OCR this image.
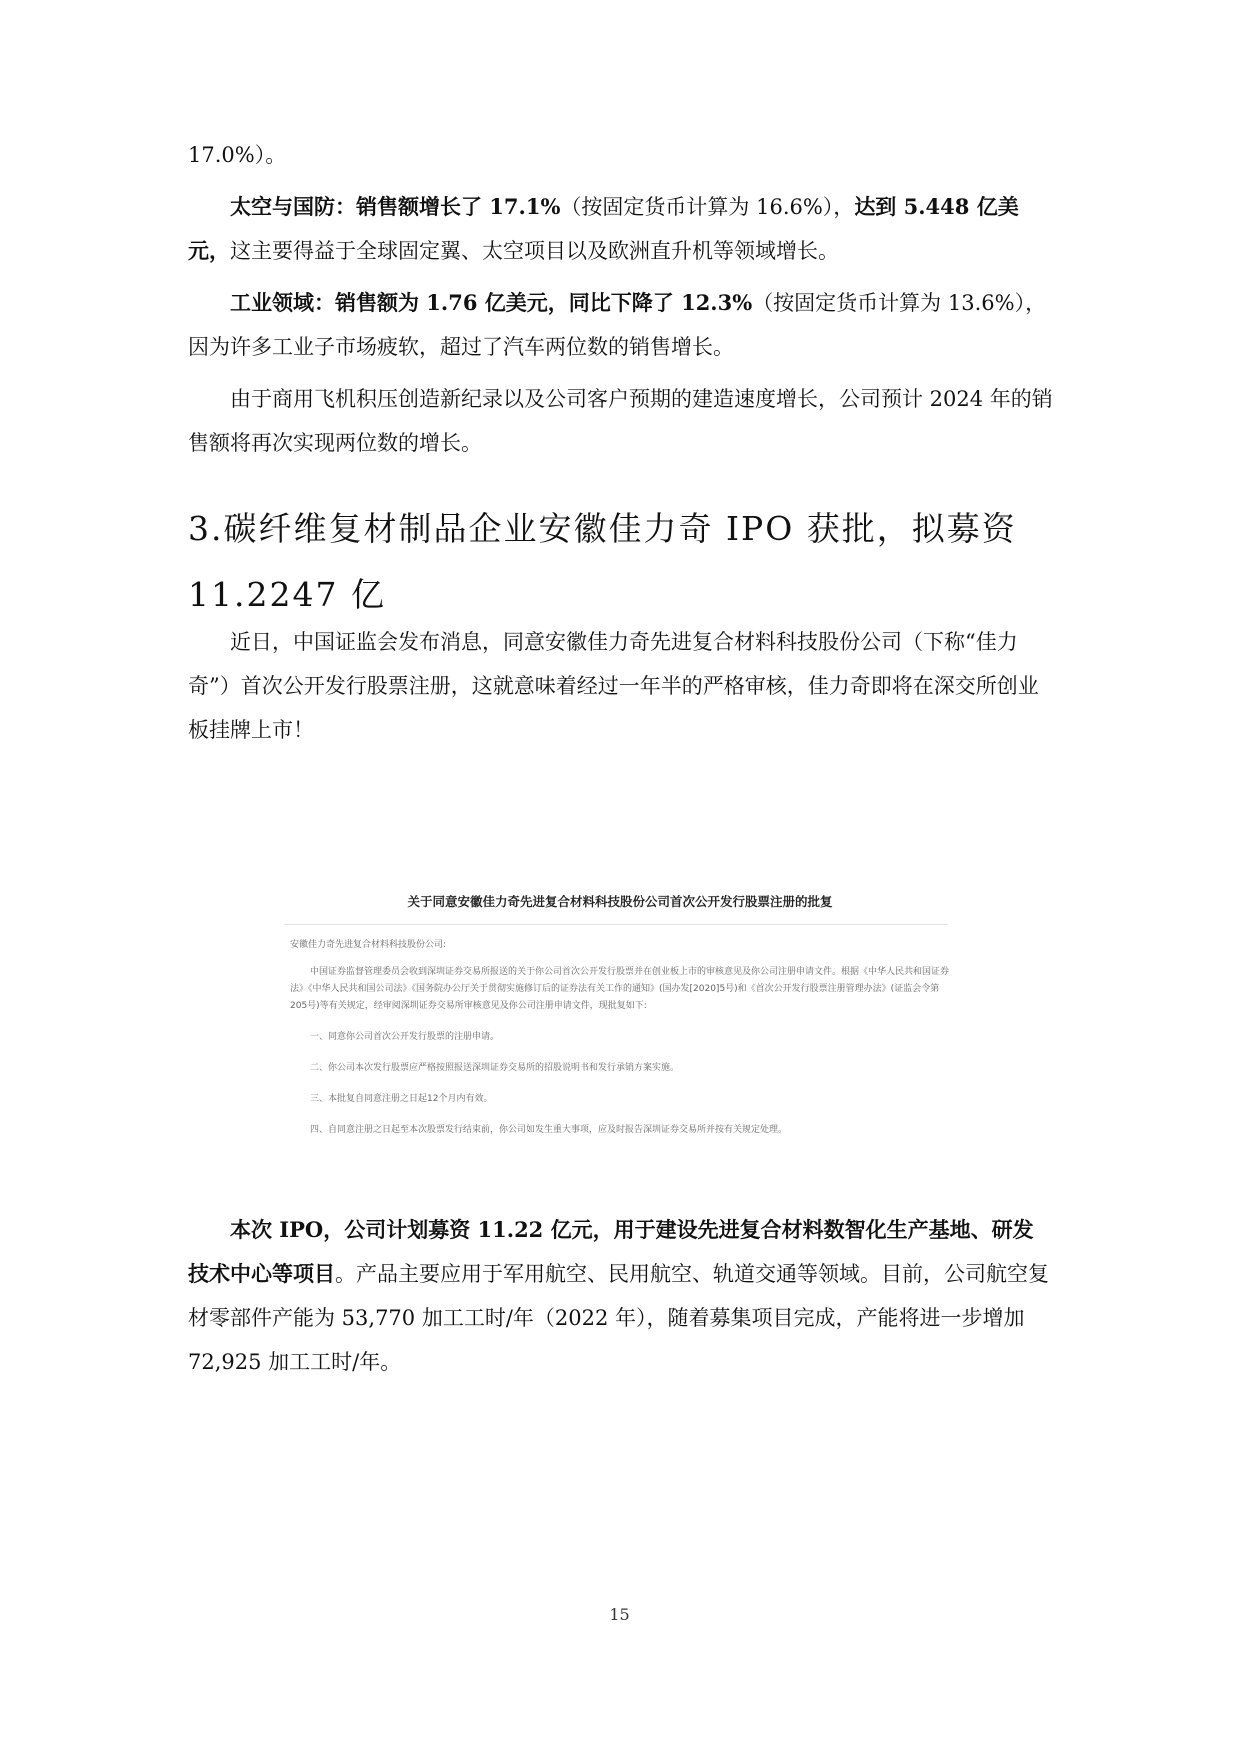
17.0%）。

太空与国防：销售额增长了 17.1%（按固定货币计算为 16.6%），达到 5.448 亿美元，这主要得益于全球固定翼、太空项目以及欧洲直升机等领域增长。

工业领域：销售额为 1.76 亿美元，同比下降了 12.3%（按固定货币计算为 13.6%），因为许多工业子市场疲软，超过了汽车两位数的销售增长。

由于商用飞机积压创造新纪录以及公司客户预期的建造速度增长，公司预计 2024 年的销售额将再次实现两位数的增长。

3.碳纤维复材制品企业安徽佳力奇 IPO 获批，拟募资 11.2247 亿

近日，中国证监会发布消息，同意安徽佳力奇先进复合材料科技股份公司（下称“佳力奇”）首次公开发行股票注册，这就意味着经过一年半的严格审核，佳力奇即将在深交所创业板挂牌上市！

关于同意安徽佳力奇先进复合材料科技股份公司首次公开发行股票注册的批复
安徽佳力奇先进复合材料科技股份公司:
中国证券监督管理委员会收到深圳证券交易所报送的关于你公司首次公开发行股票并在创业板上市的审核意见及你公司注册申请文件。根据《中华人民共和国证券法》《中华人民共和国公司法》《国务院办公厅关于贯彻实施修订后的证券法有关工作的通知》(国办发[2020]5号)和《首次公开发行股票注册管理办法》(证监会令第205号)等有关规定，经审阅深圳证券交易所审核意见及你公司注册申请文件，现批复如下:
一、同意你公司首次公开发行股票的注册申请。
二、你公司本次发行股票应严格按照报送深圳证券交易所的招股说明书和发行承销方案实施。
三、本批复自同意注册之日起12个月内有效。
四、自同意注册之日起至本次股票发行结束前，你公司如发生重大事项，应及时报告深圳证券交易所并按有关规定处理。

本次 IPO，公司计划募资 11.22 亿元，用于建设先进复合材料数智化生产基地、研发技术中心等项目。产品主要应用于军用航空、民用航空、轨道交通等领域。目前，公司航空复材零部件产能为 53,770 加工工时/年（2022 年），随着募集项目完成，产能将进一步增加 72,925 加工工时/年。

15
